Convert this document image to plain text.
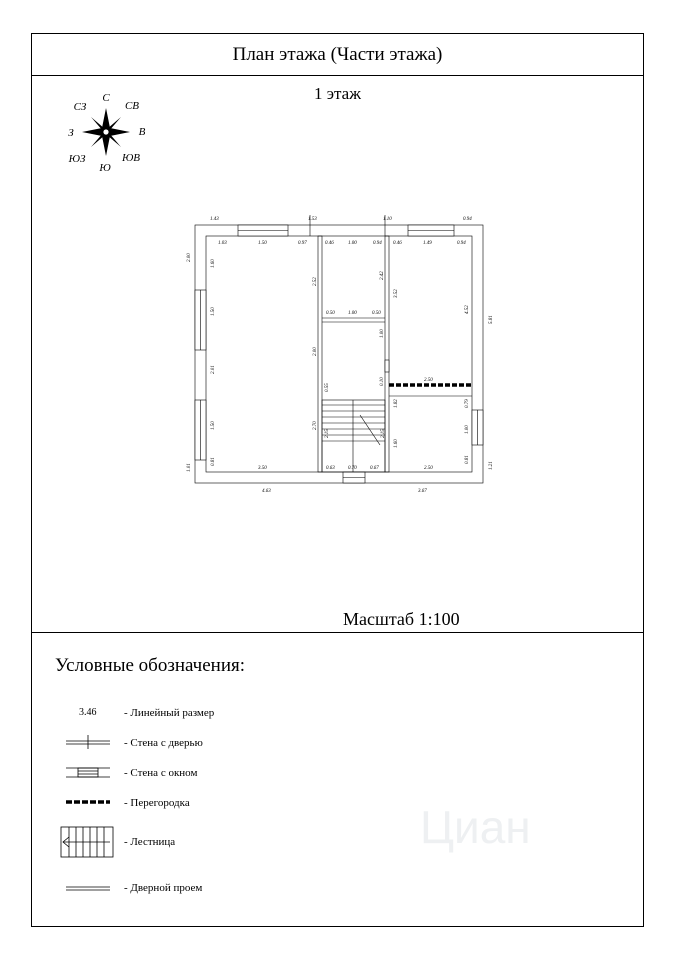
План этажа (Части этажа)
1 этаж
С
СВ
В
ЮВ
Ю
ЮЗ
З
СЗ
1.43	1.53	1.10	0.94
1.03	1.50	0.97	0.46	1.00	0.94 0.46	1.49	0.94
2.00
1.01
1.60
1.50
2.01
1.50
0.81
2.52
2.00
2.70
0.50	1.00	0.50
2.42
3.52
1.00
0.10
1.82
1.60
0.55
2.15	2.15
4.52
0.79
1.00
0.81
5.81
1.21
2.50
3.50	0.63	0.70	0.67	2.50
4.63	3.67
Масштаб 1:100
Условные обозначения:
3.46	- Линейный размер
- Стена с дверью
- Стена с окном
- Перегородка
- Лестница
- Дверной проем
Циан
